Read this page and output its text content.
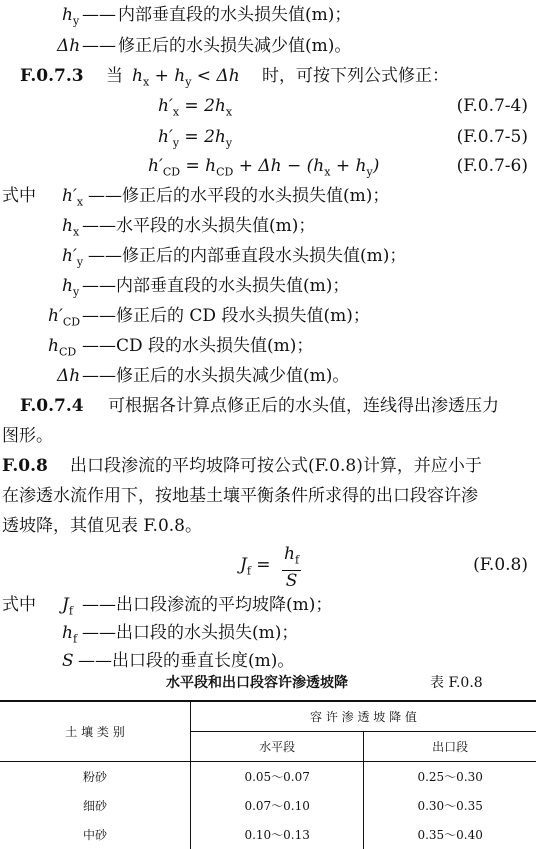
$h_y$ —— 内部垂直段的水头损失值(m)；
Δh —— 修正后的水头损失减少值(m)。
F.0.7.3 当 $h_x + h_y < \Delta h$ 时，可按下列公式修正：
$h'_x = 2h_x$	(F.0.7-4)
$h'_y = 2h_y$	(F.0.7-5)
$h'_{CD} = h_{CD} + \Delta h - (h_x + h_y)$	(F.0.7-6)
式中 $h'_x$ ——修正后的水平段的水头损失值(m)；
$h_x$ ——水平段的水头损失值(m)；
$h'_y$ ——修正后的内部垂直段水头损失值(m)；
$h_y$ ——内部垂直段的水头损失值(m)；
$h'_{CD}$ ——修正后的 CD 段水头损失值(m)；
$h_{CD}$ ——CD 段的水头损失值(m)；
Δh ——修正后的水头损失减少值(m)。
F.0.7.4 可根据各计算点修正后的水头值，连线得出渗透压力
图形。
F.0.8 出口段渗流的平均坡降可按公式(F.0.8)计算，并应小于
在渗透水流作用下，按地基土壤平衡条件所求得的出口段容许渗
透坡降，其值见表 F.0.8。
$J_f = \frac{h_f}{S}$	(F.0.8)
式中 $J_f$ ——出口段渗流的平均坡降(m)；
$h_f$ ——出口段的水头损失(m)；
S ——出口段的垂直长度(m)。
水平段和出口段容许渗透坡降	表 F.0.8
土 壤 类 别	容 许 渗 透 坡 降 值	
	水平段	出口段
粉砂	0.05～0.07	0.25～0.30
细砂	0.07～0.10	0.30～0.35
中砂	0.10～0.13	0.35～0.40
